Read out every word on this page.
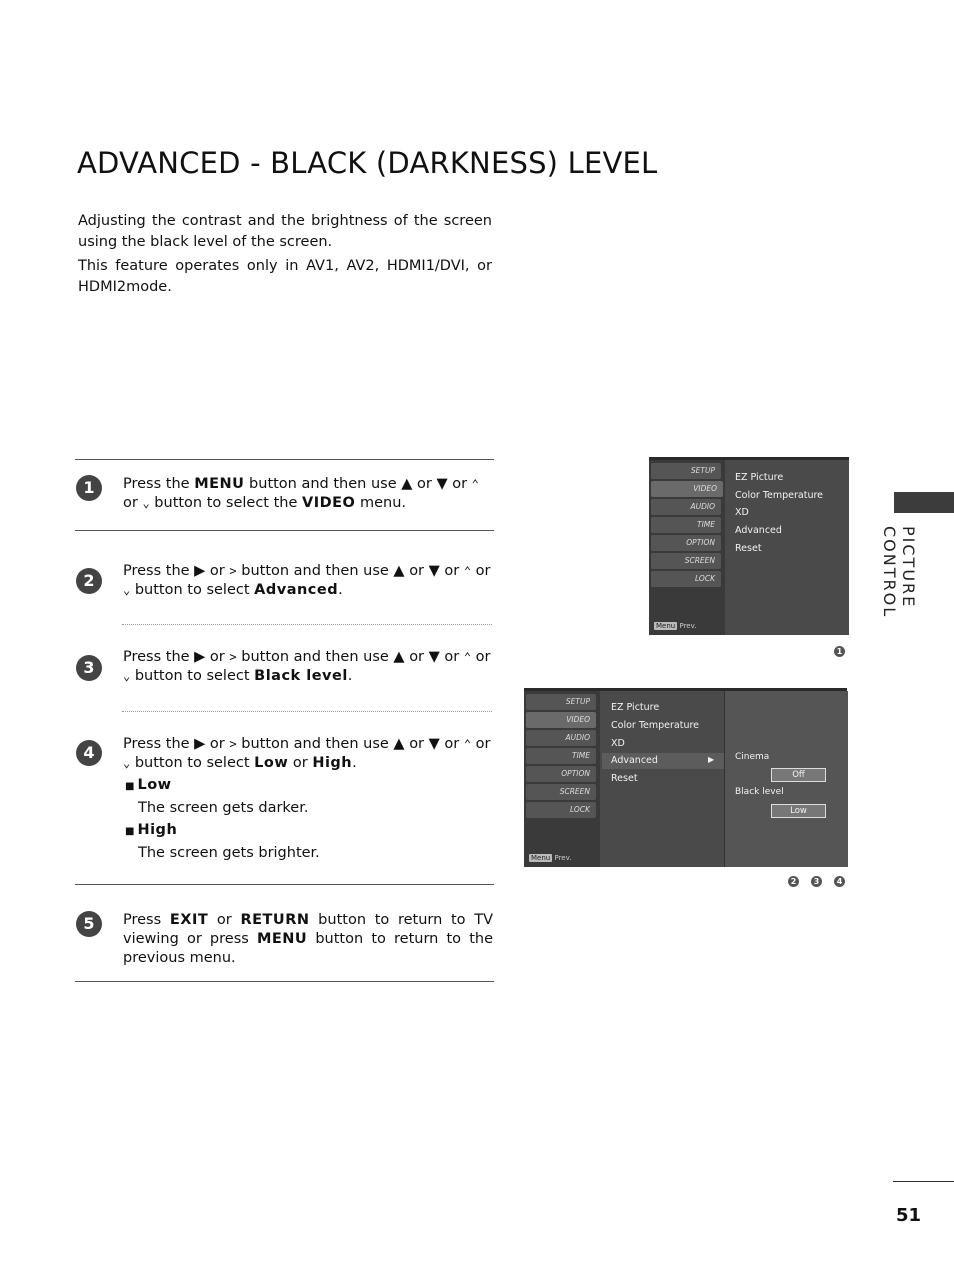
ADVANCED - BLACK (DARKNESS) LEVEL

Adjusting the contrast and the brightness of the screen using the black level of the screen.

This feature operates only in AV1, AV2, HDMI1/DVI, or HDMI2mode.

PICTURE CONTROL
1	Press the MENU button and then use ▲ or ▼ or ⌃ or ⌄ button to select the VIDEO menu.
2	Press the ▶ or > button and then use ▲ or ▼ or ⌃ or ⌄ button to select Advanced.
3
Press the ▶ or > button and then use ▲ or ▼ or ⌃ or ⌄ button to select Black level.
4	Press the ▶ or > button and then use ▲ or ▼ or ⌃ or ⌄ button to select Low or High.
■ Low
The screen gets darker.
■ High
The screen gets brighter.
5	Press EXIT or RETURN button to return to TV viewing or press MENU button to return to the previous menu.
SETUP
VIDEO
AUDIO
TIME
OPTION
SCREEN
LOCK
Menu Prev.
EZ Picture
Color Temperature
XD
Advanced
Reset
1
SETUP
VIDEO
AUDIO
TIME
OPTION
SCREEN
LOCK
Menu Prev.
EZ Picture
Color Temperature
XD
Advanced	▶
Reset
Cinema
Off
Black level
Low
2	3	4
51
